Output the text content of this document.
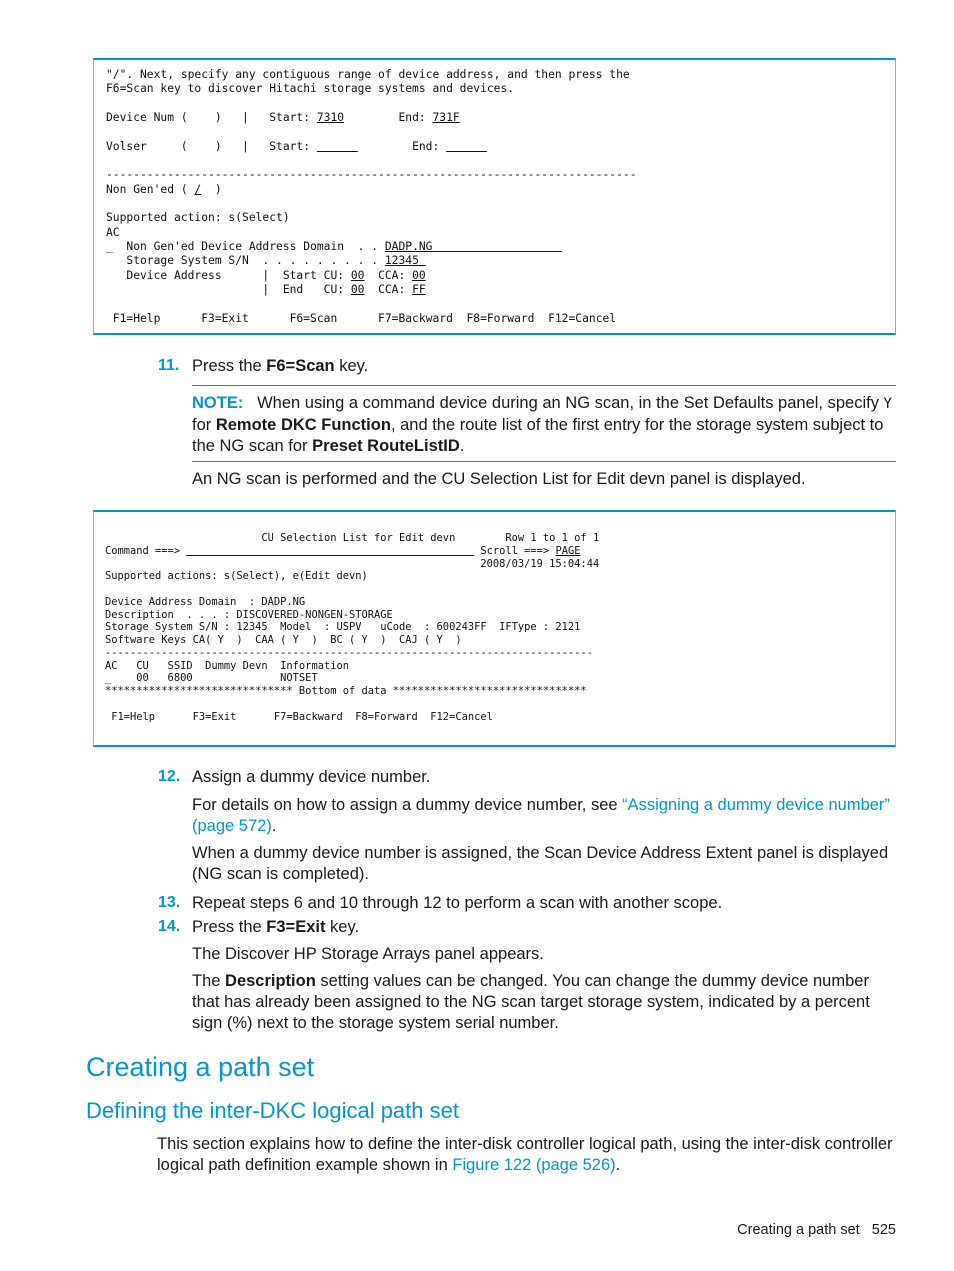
"/". Next, specify any contiguous range of device address, and then press the
F6=Scan key to discover Hitachi storage systems and devices.

Device Num (    )   |   Start: 7310	End: 731F

Volser     (    )   |   Start:	End:

------------------------------------------------------------------------------
Non Gen'ed ( /  )

Supported action: s(Select)
AC
_  Non Gen'ed Device Address Domain  . . DADP.NG
Storage System S/N  . . . . . . . . . 12345
Device Address      |  Start CU: 00  CCA: 00
|  End   CU: 00  CCA: FF

F1=Help      F3=Exit      F6=Scan      F7=Backward  F8=Forward  F12=Cancel
11. Press the F6=Scan key.
NOTE: When using a command device during an NG scan, in the Set Defaults panel, specify Y for Remote DKC Function, and the route list of the first entry for the storage system subject to the NG scan for Preset RouteListID.
An NG scan is performed and the CU Selection List for Edit devn panel is displayed.
CU Selection List for Edit devn        Row 1 to 1 of 1
Command ===>	Scroll ===> PAGE
2008/03/19 15:04:44
Supported actions: s(Select), e(Edit devn)

Device Address Domain  : DADP.NG
Description  . . . : DISCOVERED-NONGEN-STORAGE
Storage System S/N : 12345  Model  : USPV   uCode  : 600243FF  IFType : 2121
Software Keys CA( Y  )  CAA ( Y  )  BC ( Y  )  CAJ ( Y  )
------------------------------------------------------------------------------
AC   CU   SSID  Dummy Devn  Information
_    00   6800              NOTSET
****************************** Bottom of data *******************************

F1=Help      F3=Exit      F7=Backward  F8=Forward  F12=Cancel
12. Assign a dummy device number.
For details on how to assign a dummy device number, see “Assigning a dummy device number” (page 572).
When a dummy device number is assigned, the Scan Device Address Extent panel is displayed (NG scan is completed).
13. Repeat steps 6 and 10 through 12 to perform a scan with another scope.
14. Press the F3=Exit key.
The Discover HP Storage Arrays panel appears.
The Description setting values can be changed. You can change the dummy device number that has already been assigned to the NG scan target storage system, indicated by a percent sign (%) next to the storage system serial number.
Creating a path set
Defining the inter-DKC logical path set
This section explains how to define the inter-disk controller logical path, using the inter-disk controller logical path definition example shown in Figure 122 (page 526).
Creating a path set 525
